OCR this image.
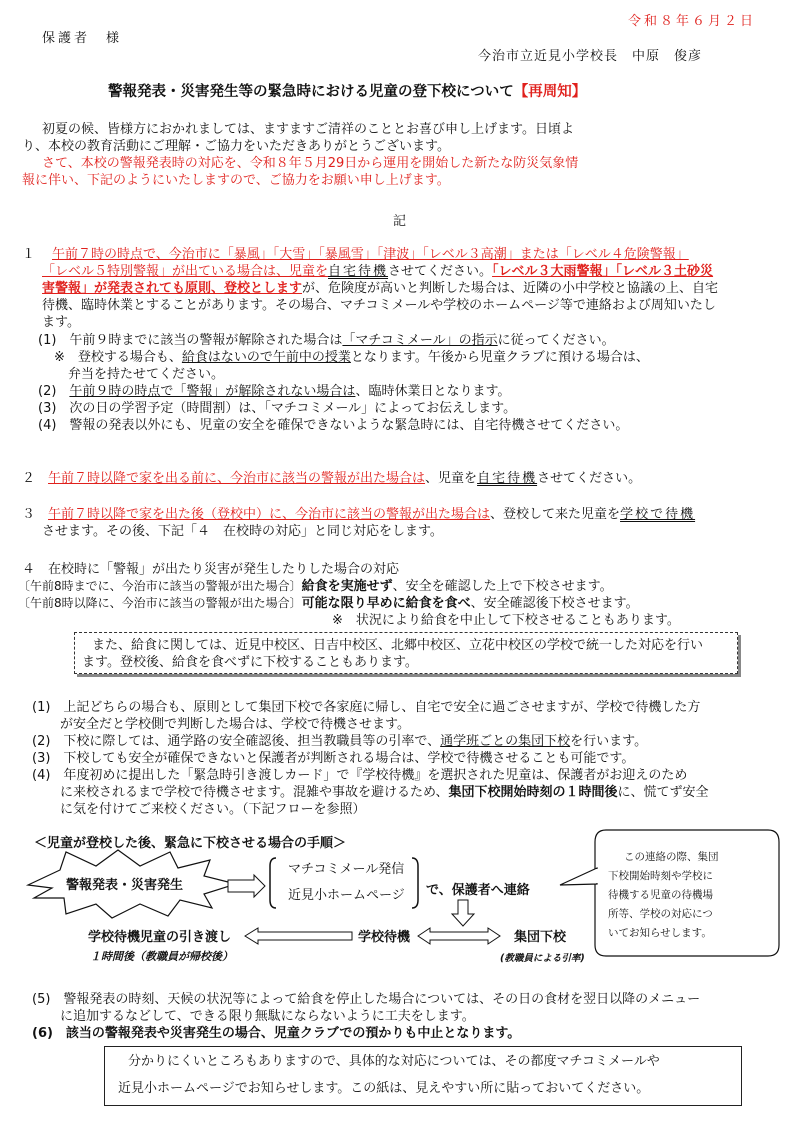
令和８年６月２日
保護者　様
今治市立近見小学校長　中原　俊彦
警報発表・災害発生等の緊急時における児童の登下校について【再周知】
初夏の候、皆様方におかれましては、ますますご清祥のこととお喜び申し上げます。日頃よ
り、本校の教育活動にご理解・ご協力をいただきありがとうございます。
さて、本校の警報発表時の対応を、令和８年５月29日から運用を開始した新たな防災気象情
報に伴い、下記のようにいたしますので、ご協力をお願い申し上げます。
記
１ 午前７時の時点で、今治市に「暴風」「大雪」「暴風雪」「津波」「レベル３高潮」または「レベル４危険警報」
「レベル５特別警報」が出ている場合は、児童を自宅待機させてください。「レベル３大雨警報」「レベル３土砂災
害警報」が発表されても原則、登校としますが、危険度が高いと判断した場合は、近隣の小中学校と協議の上、自宅
待機、臨時休業とすることがあります。その場合、マチコミメールや学校のホームページ等で連絡および周知いたし
ます。
(1)　午前９時までに該当の警報が解除された場合は「マチコミメール」の指示に従ってください。
※　登校する場合も、給食はないので午前中の授業となります。午後から児童クラブに預ける場合は、
弁当を持たせてください。
(2)　午前９時の時点で「警報」が解除されない場合は、臨時休業日となります。
(3)　次の日の学習予定（時間割）は、「マチコミメール」によってお伝えします。
(4)　警報の発表以外にも、児童の安全を確保できないような緊急時には、自宅待機させてください。
２　 午前７時以降で家を出る前に、今治市に該当の警報が出た場合は、児童を自宅待機させてください。
３　 午前７時以降で家を出た後（登校中）に、今治市に該当の警報が出た場合は、登校して来た児童を学校で待機
させます。その後、下記「４　在校時の対応」と同じ対応をします。
４　在校時に「警報」が出たり災害が発生したりした場合の対応
〔午前8時までに、今治市に該当の警報が出た場合〕給食を実施せず、安全を確認した上で下校させます。
〔午前8時以降に、今治市に該当の警報が出た場合〕可能な限り早めに給食を食べ、安全確認後下校させます。
※　状況により給食を中止して下校させることもあります。
また、給食に関しては、近見中校区、日吉中校区、北郷中校区、立花中校区の学校で統一した対応を行い
ます。登校後、給食を食べずに下校することもあります。
(1)　上記どちらの場合も、原則として集団下校で各家庭に帰し、自宅で安全に過ごさせますが、学校で待機した方
が安全だと学校側で判断した場合は、学校で待機させます。
(2)　下校に際しては、通学路の安全確認後、担当教職員等の引率で、通学班ごとの集団下校を行います。
(3)　下校しても安全が確保できないと保護者が判断される場合は、学校で待機させることも可能です。
(4)　年度初めに提出した「緊急時引き渡しカード」で『学校待機』を選択された児童は、保護者がお迎えのため
に来校されるまで学校で待機させます。混雑や事故を避けるため、集団下校開始時刻の１時間後に、慌てず安全
に気を付けてご来校ください。（下記フローを参照）
＜児童が登校した後、緊急に下校させる場合の手順＞
警報発表・災害発生
マチコミメール発信
近見小ホームページ で、保護者へ連絡
学校待機児童の引き渡し
１時間後（教職員が帰校後）
学校待機	集団下校
(教職員による引率)
この連絡の際、集団
下校開始時刻や学校に
待機する児童の待機場
所等、学校の対応につ
いてお知らせします。
(5)　警報発表の時刻、天候の状況等によって給食を停止した場合については、その日の食材を翌日以降のメニュー
に追加するなどして、できる限り無駄にならないように工夫をします。
(6)　該当の警報発表や災害発生の場合、児童クラブでの預かりも中止となります。
分かりにくいところもありますので、具体的な対応については、その都度マチコミメールや
近見小ホームページでお知らせします。この紙は、見えやすい所に貼っておいてください。
